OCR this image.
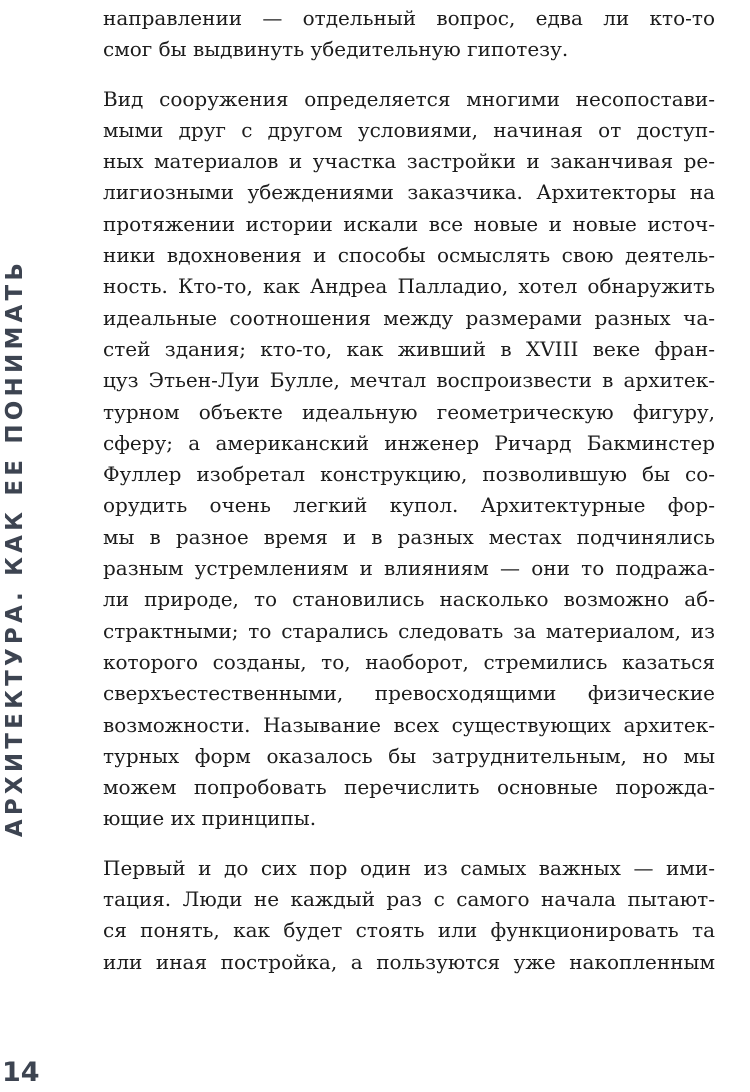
АРХИТЕКТУРА. КАК ЕЕ ПОНИМАТЬ

направлении — отдельный вопрос, едва ли кто-то
смог бы выдвинуть убедительную гипотезу.

Вид сооружения определяется многими несопостави-
мыми друг с другом условиями, начиная от доступ-
ных материалов и участка застройки и заканчивая ре-
лигиозными убеждениями заказчика. Архитекторы на
протяжении истории искали все новые и новые источ-
ники вдохновения и способы осмыслять свою деятель-
ность. Кто-то, как Андреа Палладио, хотел обнаружить
идеальные соотношения между размерами разных ча-
стей здания; кто-то, как живший в XVIII веке фран-
цуз Этьен-Луи Булле, мечтал воспроизвести в архитек-
турном объекте идеальную геометрическую фигуру,
сферу; а американский инженер Ричард Бакминстер
Фуллер изобретал конструкцию, позволившую бы со-
орудить очень легкий купол. Архитектурные фор-
мы в разное время и в разных местах подчинялись
разным устремлениям и влияниям — они то подража-
ли природе, то становились насколько возможно аб-
страктными; то старались следовать за материалом, из
которого созданы, то, наоборот, стремились казаться
сверхъестественными, превосходящими физические
возможности. Называние всех существующих архитек-
турных форм оказалось бы затруднительным, но мы
можем попробовать перечислить основные порожда-
ющие их принципы.

Первый и до сих пор один из самых важных — ими-
тация. Люди не каждый раз с самого начала пытают-
ся понять, как будет стоять или функционировать та
или иная постройка, а пользуются уже накопленным

14
